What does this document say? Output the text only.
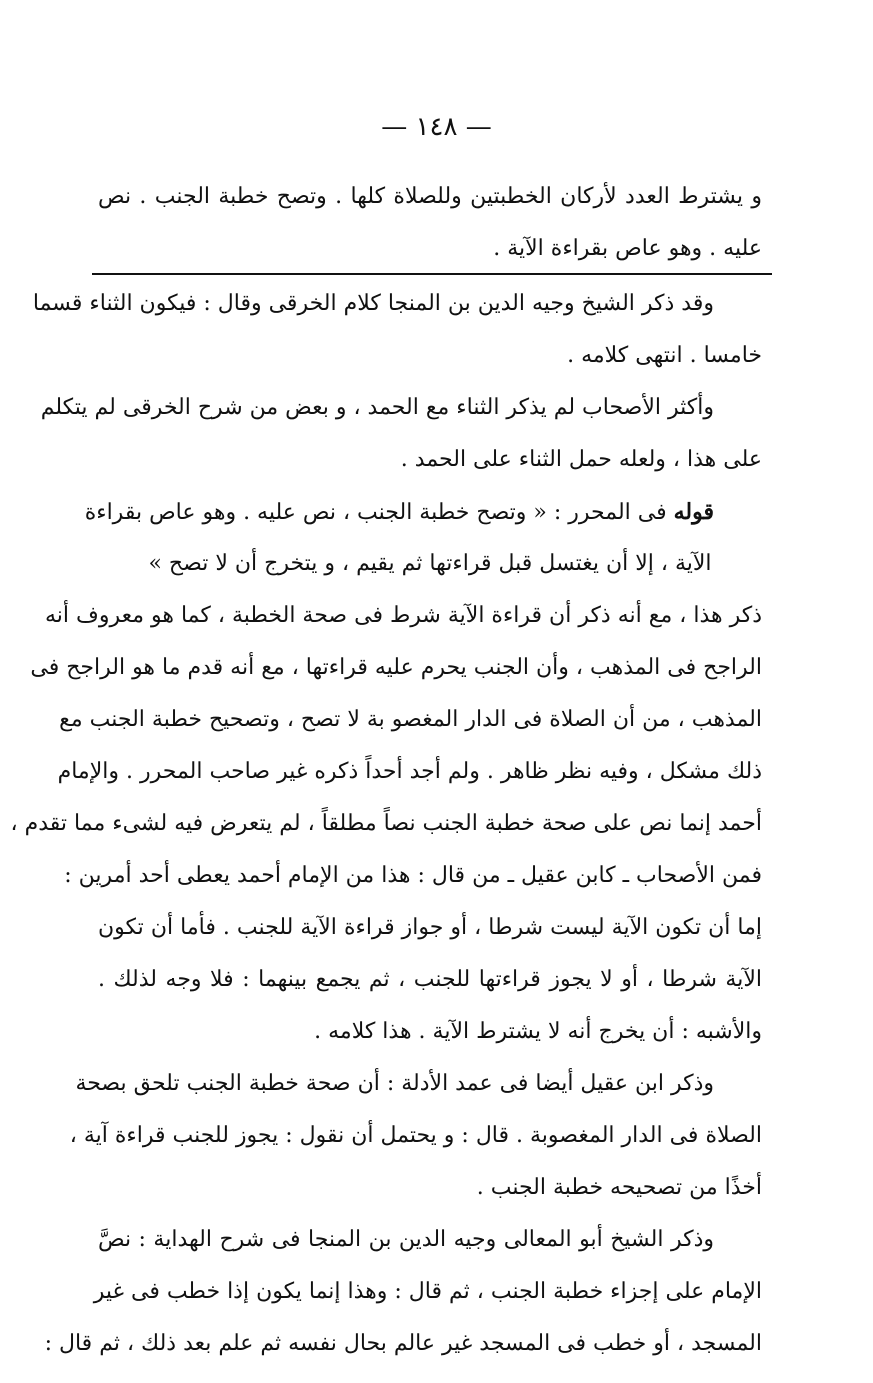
— ١٤٨ —
و يشترط العدد لأركان الخطبتين وللصلاة كلها . وتصح خطبة الجنب . نص
عليه . وهو عاص بقراءة الآية .
وقد ذكر الشيخ وجيه الدين بن المنجا كلام الخرقى وقال : فيكون الثناء قسما
خامسا . انتهى كلامه .
وأكثر الأصحاب لم يذكر الثناء مع الحمد ، و بعض من شرح الخرقى لم يتكلم
على هذا ، ولعله حمل الثناء على الحمد .
قوله فى المحرر : « وتصح خطبة الجنب ، نص عليه . وهو عاص بقراءة
الآية ، إلا أن يغتسل قبل قراءتها ثم يقيم ، و يتخرج أن لا تصح »
ذكر هذا ، مع أنه ذكر أن قراءة الآية شرط فى صحة الخطبة ، كما هو معروف أنه
الراجح فى المذهب ، وأن الجنب يحرم عليه قراءتها ، مع أنه قدم ما هو الراجح فى
المذهب ، من أن الصلاة فى الدار المغصو بة لا تصح ، وتصحيح خطبة الجنب مع
ذلك مشكل ، وفيه نظر ظاهر . ولم أجد أحداً ذكره غير صاحب المحرر . والإمام
أحمد إنما نص على صحة خطبة الجنب نصاً مطلقاً ، لم يتعرض فيه لشىء مما تقدم ،
فمن الأصحاب ـ كابن عقيل ـ من قال : هذا من الإمام أحمد يعطى أحد أمرين :
إما أن تكون الآية ليست شرطا ، أو جواز قراءة الآية للجنب . فأما أن تكون
الآية شرطا ، أو لا يجوز قراءتها للجنب ، ثم يجمع بينهما : فلا وجه لذلك .
والأشبه : أن يخرج أنه لا يشترط الآية . هذا كلامه .
وذكر ابن عقيل أيضا فى عمد الأدلة : أن صحة خطبة الجنب تلحق بصحة
الصلاة فى الدار المغصوبة . قال : و يحتمل أن نقول : يجوز للجنب قراءة آية ،
أخذًا من تصحيحه خطبة الجنب .
وذكر الشيخ أبو المعالى وجيه الدين بن المنجا فى شرح الهداية : نصَّ
الإمام على إجزاء خطبة الجنب ، ثم قال : وهذا إنما يكون إذا خطب فى غير
المسجد ، أو خطب فى المسجد غير عالم بحال نفسه ثم علم بعد ذلك ، ثم قال :
